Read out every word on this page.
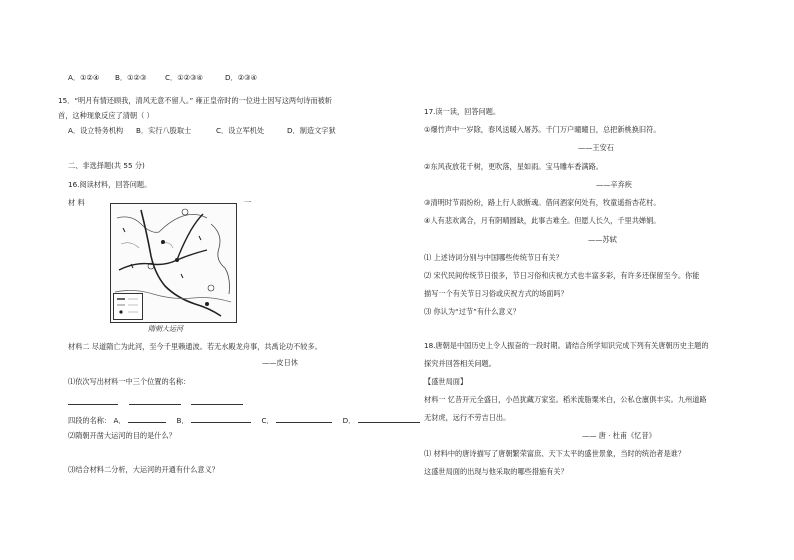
A．①②④ B．①②③	C．①②③④	D．②③④
15．“明月有情还顾我，清风无意不留人。” 雍正皇帝时的一位进士因写这两句诗而被斩
首，这种现象反应了清朝（ ）
A．设立特务机构 B．实行八股取士	C．设立军机处	D．制造文字狱
二、非选择题(共 55 分)
16.阅读材料，回答问题。
材 料	一
隋朝大运河
材料二 尽道隋亡为此河，至今千里赖通波。若无水殿龙舟事，共禹论功不较多。
——皮日休
⑴依次写出材料一中三个位置的名称：

四段的名称： A．	B．	C．	D．
⑵隋朝开凿大运河的目的是什么？
⑶结合材料二分析，大运河的开通有什么意义？
17.读一读，回答问题。
①爆竹声中一岁除，春风送暖入屠苏。千门万户曈曈日，总把新桃换旧符。
——王安石
②东风夜放花千树，更吹落，星如雨。宝马雕车香满路。
——辛弃疾
③清明时节雨纷纷，路上行人欲断魂。借问酒家何处有，牧童遥指杏花村。
④人有悲欢离合，月有阴晴圆缺，此事古难全。但愿人长久，千里共婵娟。
——苏轼
⑴ 上述诗词分别与中国哪些传统节日有关？
⑵ 宋代民间传统节日很多，节日习俗和庆祝方式也丰富多彩，有许多还保留至今。你能
描写一个有关节日习俗或庆祝方式的场面吗？
⑶ 你认为“过节”有什么意义？
18.唐朝是中国历史上令人振奋的一段时期。请结合所学知识完成下列有关唐朝历史主题的
探究并回答相关问题。
【盛世局面】
材料一 忆昔开元全盛日，小邑犹藏万家室。稻米流脂粟米白，公私仓廪俱丰实。九州道路
无豺虎，远行不劳吉日出。
—— 唐 · 杜甫《忆昔》
⑴ 材料中的唐诗描写了唐朝繁荣富庶、天下太平的盛世景象，当时的统治者是谁？
这盛世局面的出现与他采取的哪些措施有关？
